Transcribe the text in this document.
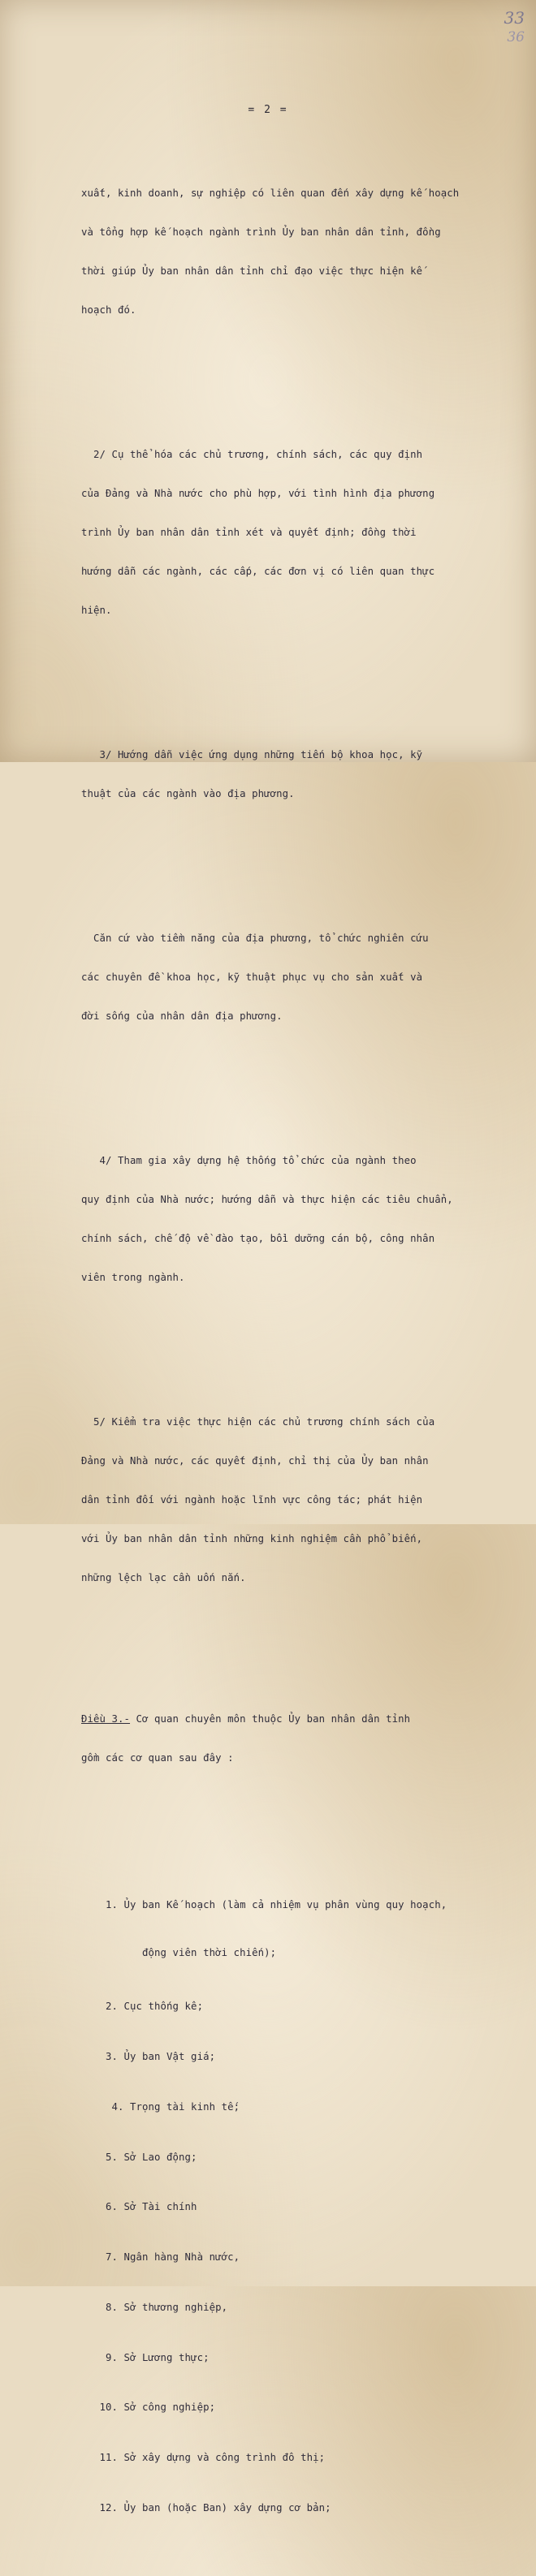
33
36
= 2 =

xuất, kinh doanh, sự nghiệp có liên quan đến xây dựng kế hoạch

và tổng hợp kế hoạch ngành trình Ủy ban nhân dân tỉnh, đồng

thời giúp Ủy ban nhân dân tỉnh chỉ đạo việc thực hiện kế

hoạch đó.

2/ Cụ thể hóa các chủ trương, chính sách, các quy định

của Đảng và Nhà nước cho phù hợp, với tình hình địa phương

trình Ủy ban nhân dân tỉnh xét và quyết định; đồng thời

hướng dẫn các ngành, các cấp, các đơn vị có liên quan thực

hiện.

3/ Hướng dẫn việc ứng dụng những tiến bộ khoa học, kỹ

thuật của các ngành vào địa phương.

Căn cứ vào tiềm năng của địa phương, tổ chức nghiên cứu

các chuyên đề khoa học, kỹ thuật phục vụ cho sản xuất và

đời sống của nhân dân địa phương.

4/ Tham gia xây dựng hệ thống tổ chức của ngành theo

quy định của Nhà nước; hướng dẫn và thực hiện các tiêu chuẩn,

chính sách, chế độ về đào tạo, bồi dưỡng cán bộ, công nhân

viên trong ngành.

5/ Kiểm tra việc thực hiện các chủ trương chính sách của

Đảng và Nhà nước, các quyết định, chỉ thị của Ủy ban nhân

dân tỉnh đối với ngành hoặc lĩnh vực công tác; phát hiện

với Ủy ban nhân dân tỉnh những kinh nghiệm cần phổ biến,

những lệch lạc cần uốn nắn.

Điều 3.- Cơ quan chuyên môn thuộc Ủy ban nhân dân tỉnh

gồm các cơ quan sau đây :

1. Ủy ban Kế hoạch (làm cả nhiệm vụ phân vùng quy hoạch,

động viên thời chiến);

2. Cục thống kê;

3. Ủy ban Vật giá;

4. Trọng tài kinh tế;

5. Sở Lao động;

6. Sở Tài chính

7. Ngân hàng Nhà nước,

8. Sở thương nghiệp,

9. Sở Lương thực;

10. Sở công nghiệp;

11. Sở xây dựng và công trình đô thị;

12. Ủy ban (hoặc Ban) xây dựng cơ bản;
